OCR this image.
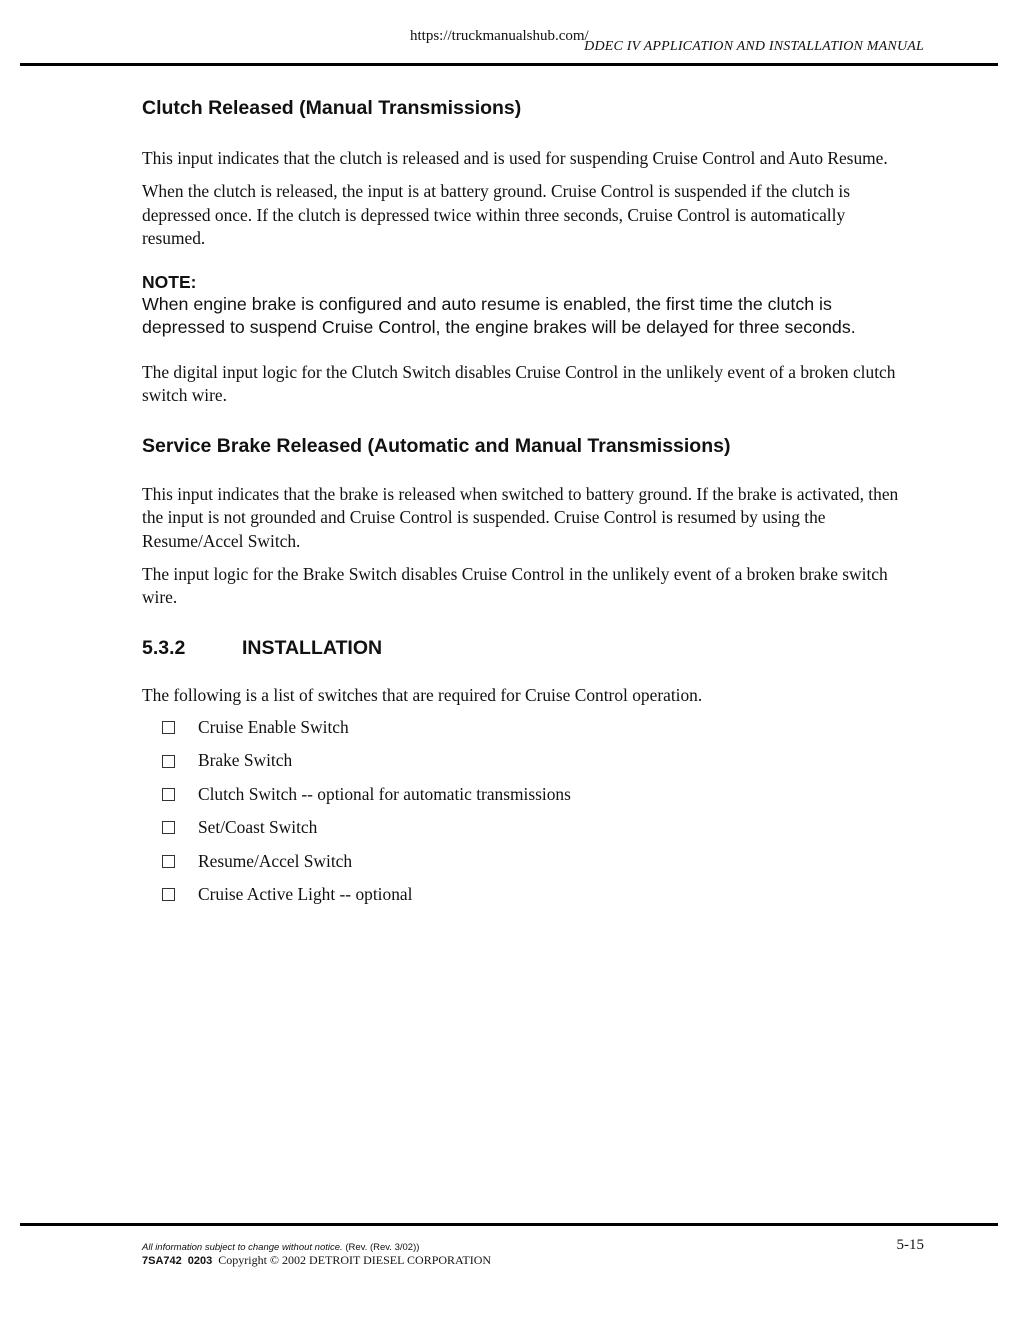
https://truckmanualshub.com/
DDEC IV APPLICATION AND INSTALLATION MANUAL
Clutch Released (Manual Transmissions)

This input indicates that the clutch is released and is used for suspending Cruise Control and Auto Resume.

When the clutch is released, the input is at battery ground. Cruise Control is suspended if the clutch is depressed once. If the clutch is depressed twice within three seconds, Cruise Control is automatically resumed.

NOTE:
When engine brake is configured and auto resume is enabled, the first time the clutch is depressed to suspend Cruise Control, the engine brakes will be delayed for three seconds.

The digital input logic for the Clutch Switch disables Cruise Control in the unlikely event of a broken clutch switch wire.

Service Brake Released (Automatic and Manual Transmissions)

This input indicates that the brake is released when switched to battery ground. If the brake is activated, then the input is not grounded and Cruise Control is suspended. Cruise Control is resumed by using the Resume/Accel Switch.

The input logic for the Brake Switch disables Cruise Control in the unlikely event of a broken brake switch wire.

5.3.2	INSTALLATION

The following is a list of switches that are required for Cruise Control operation.

Cruise Enable Switch
Brake Switch
Clutch Switch -- optional for automatic transmissions
Set/Coast Switch
Resume/Accel Switch
Cruise Active Light -- optional
All information subject to change without notice. (Rev. (Rev. 3/02))
7SA742 0203 Copyright © 2002 DETROIT DIESEL CORPORATION
5-15
